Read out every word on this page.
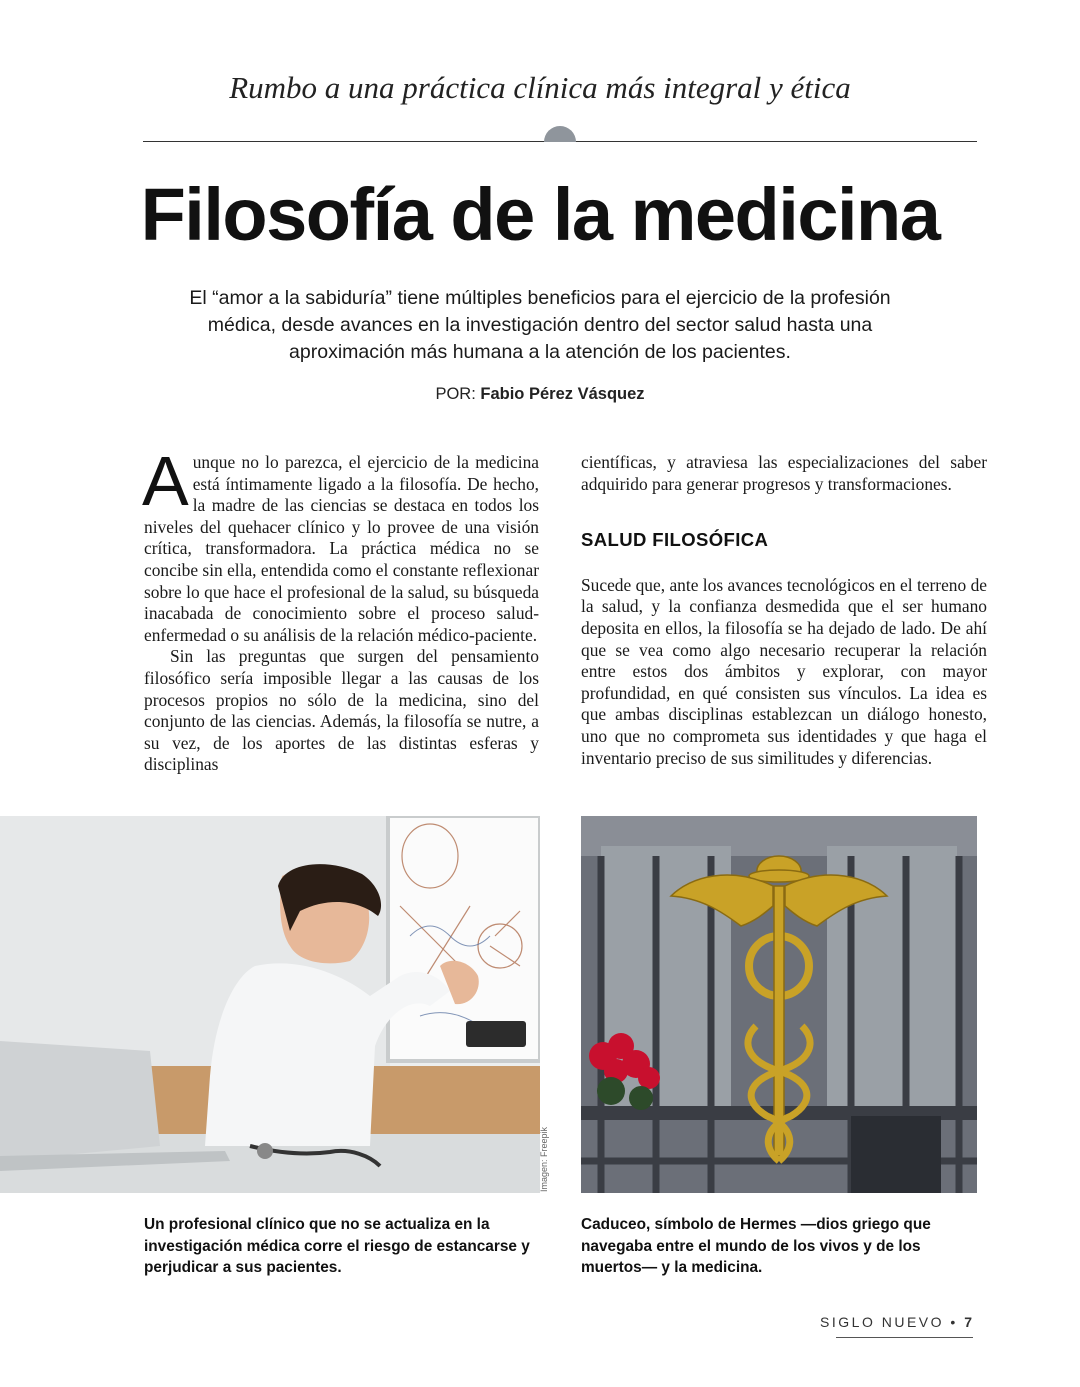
Rumbo a una práctica clínica más integral y ética
Filosofía de la medicina
El “amor a la sabiduría” tiene múltiples beneficios para el ejercicio de la profesión médica, desde avances en la investigación dentro del sector salud hasta una aproximación más humana a la atención de los pacientes.
POR: Fabio Pérez Vásquez

Aunque no lo parezca, el ejercicio de la medicina está íntimamente ligado a la filosofía. De hecho, la madre de las ciencias se destaca en todos los niveles del quehacer clínico y lo provee de una visión crítica, transformadora. La práctica médica no se concibe sin ella, entendida como el constante reflexionar sobre lo que hace el profesional de la salud, su búsqueda inacabada de conocimiento sobre el proceso salud-enfermedad o su análisis de la relación médico-paciente.

Sin las preguntas que surgen del pensamiento filosófico sería imposible llegar a las causas de los procesos propios no sólo de la medicina, sino del conjunto de las ciencias. Además, la filosofía se nutre, a su vez, de los aportes de las distintas esferas y disciplinas

científicas, y atraviesa las especializaciones del saber adquirido para generar progresos y transformaciones.

SALUD FILOSÓFICA

Sucede que, ante los avances tecnológicos en el terreno de la salud, y la confianza desmedida que el ser humano deposita en ellos, la filosofía se ha dejado de lado. De ahí que se vea como algo necesario recuperar la relación entre estos dos ámbitos y explorar, con mayor profundidad, en qué consisten sus vínculos. La idea es que ambas disciplinas establezcan un diálogo honesto, uno que no comprometa sus identidades y que haga el inventario preciso de sus similitudes y diferencias.

Imagen: Freepik
Un profesional clínico que no se actualiza en la investigación médica corre el riesgo de estancarse y perjudicar a sus pacientes.
Caduceo, símbolo de Hermes —dios griego que navegaba entre el mundo de los vivos y de los muertos— y la medicina.
SIGLO NUEVO • 7
